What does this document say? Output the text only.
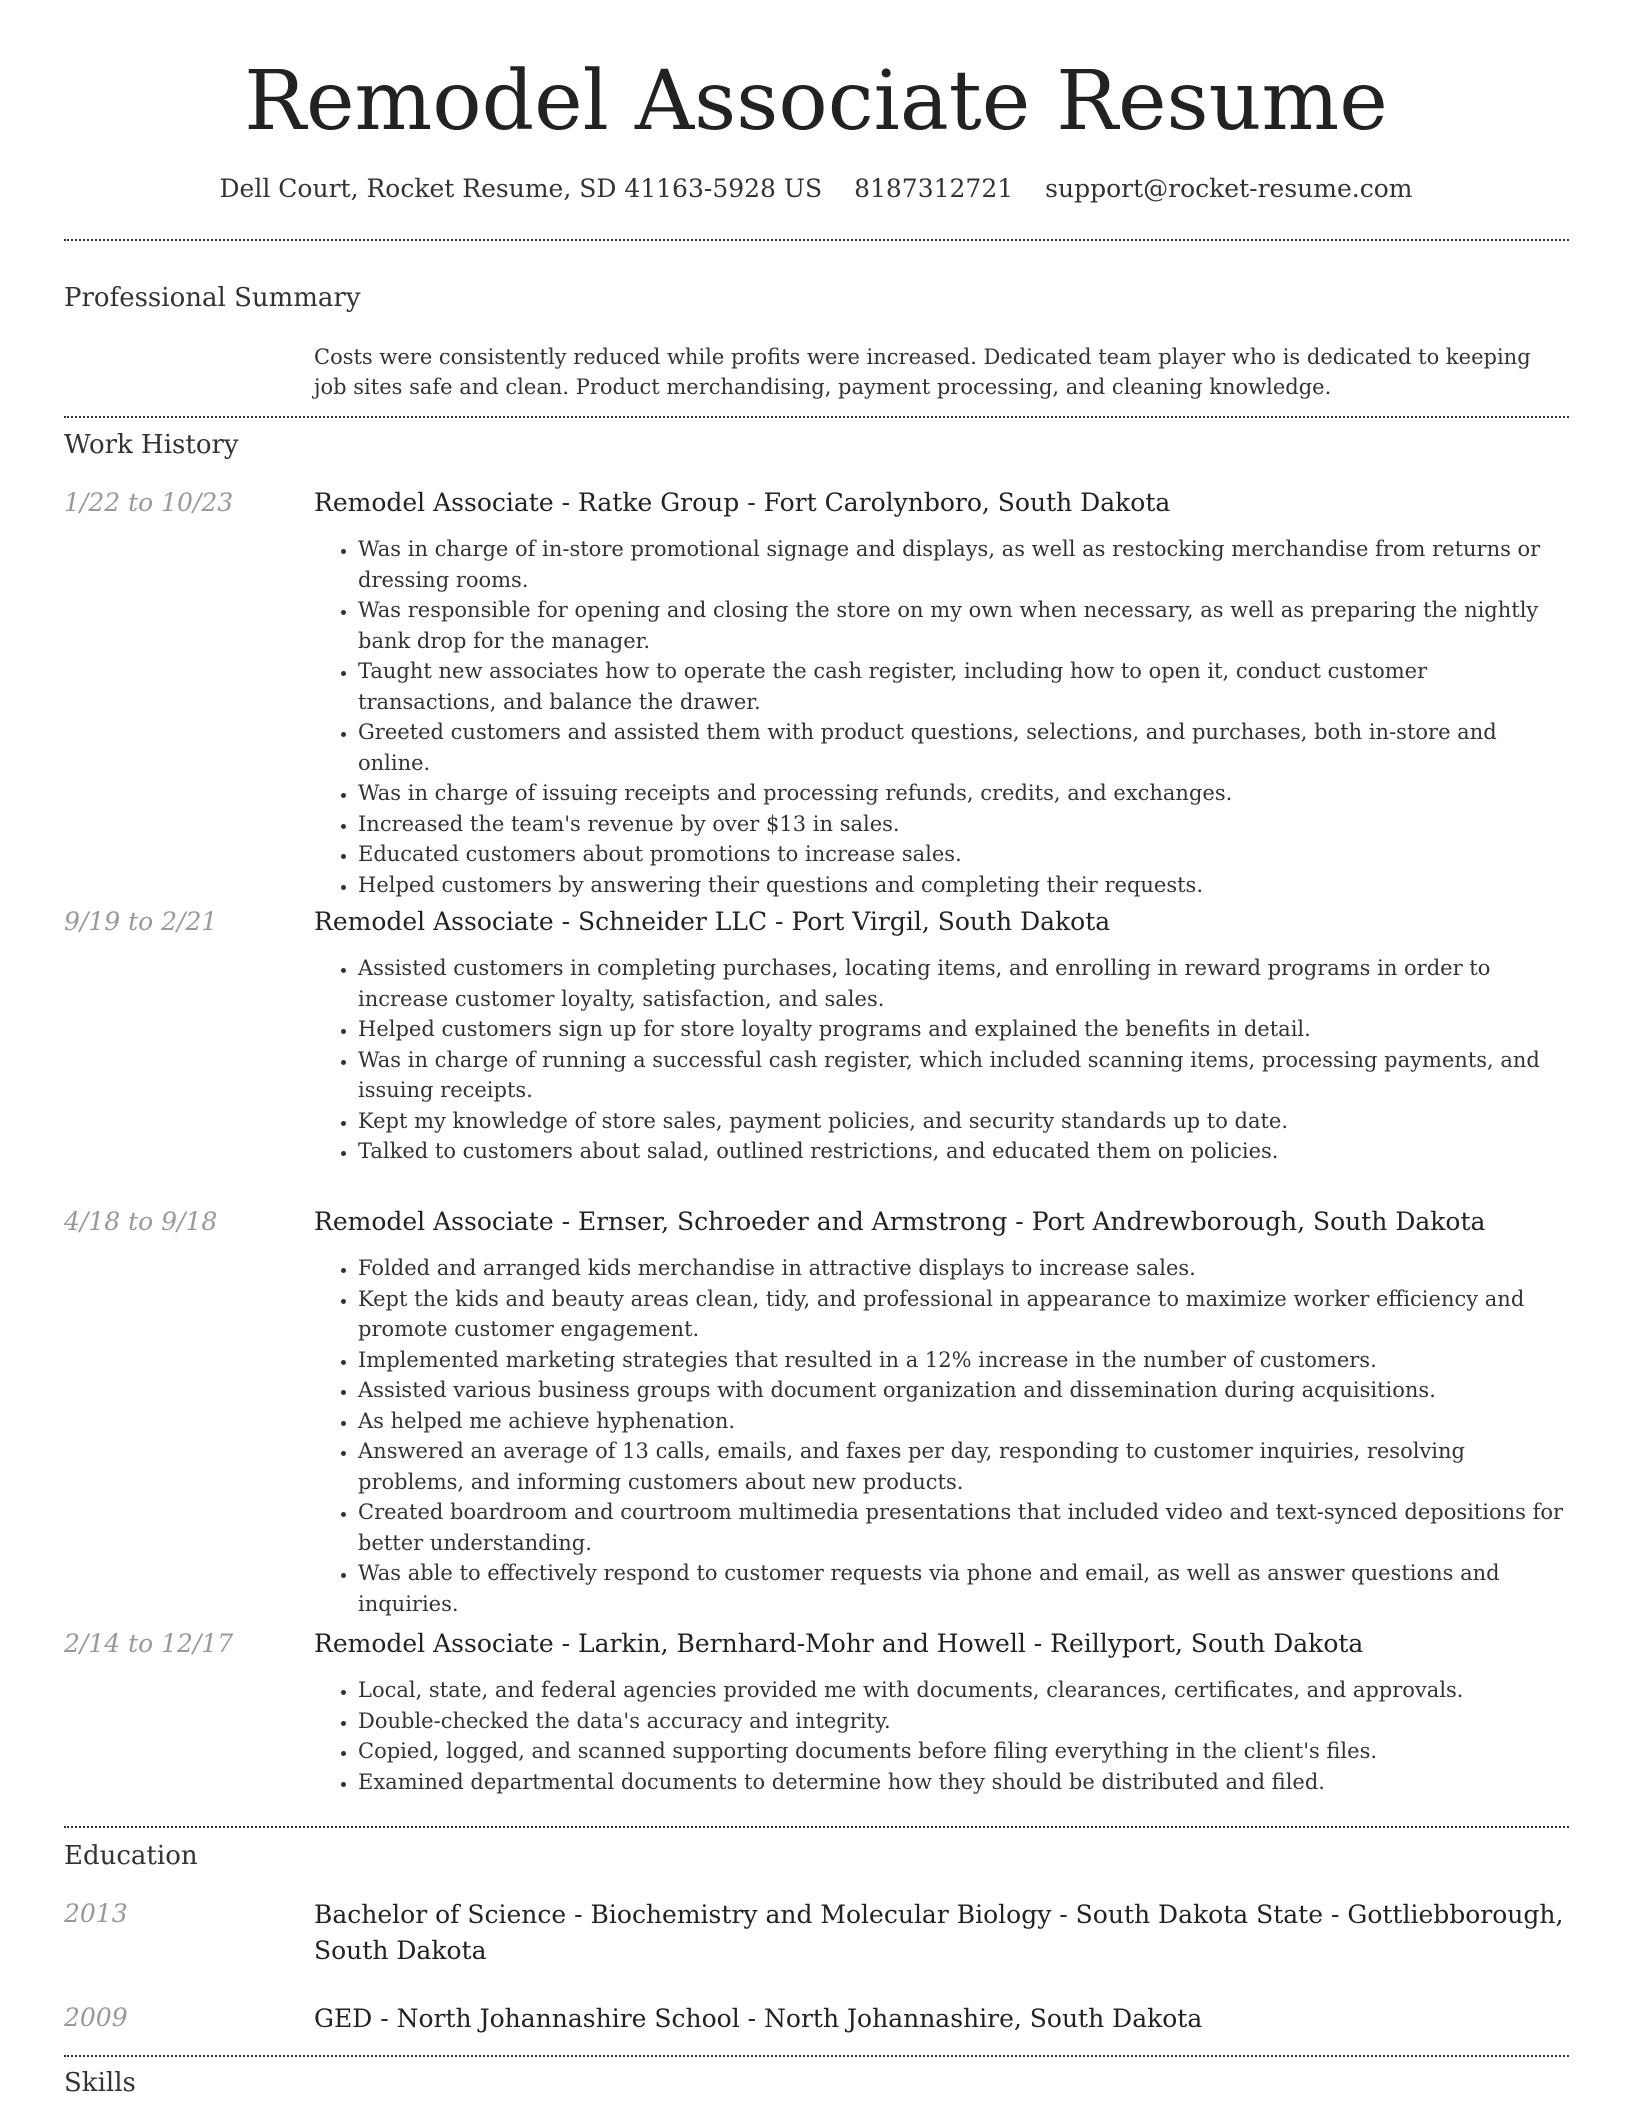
Remodel Associate Resume
Dell Court, Rocket Resume, SD 41163-5928 US 8187312721 support@rocket-resume.com
Professional Summary
Costs were consistently reduced while profits were increased. Dedicated team player who is dedicated to keeping job sites safe and clean. Product merchandising, payment processing, and cleaning knowledge.
Work History
1/22 to 10/23	Remodel Associate - Ratke Group - Fort Carolynboro, South Dakota
• Was in charge of in-store promotional signage and displays, as well as restocking merchandise from returns or dressing rooms.
• Was responsible for opening and closing the store on my own when necessary, as well as preparing the nightly bank drop for the manager.
• Taught new associates how to operate the cash register, including how to open it, conduct customer transactions, and balance the drawer.
• Greeted customers and assisted them with product questions, selections, and purchases, both in-store and online.
• Was in charge of issuing receipts and processing refunds, credits, and exchanges.
• Increased the team's revenue by over $13 in sales.
• Educated customers about promotions to increase sales.
• Helped customers by answering their questions and completing their requests.
9/19 to 2/21	Remodel Associate - Schneider LLC - Port Virgil, South Dakota
• Assisted customers in completing purchases, locating items, and enrolling in reward programs in order to increase customer loyalty, satisfaction, and sales.
• Helped customers sign up for store loyalty programs and explained the benefits in detail.
• Was in charge of running a successful cash register, which included scanning items, processing payments, and issuing receipts.
• Kept my knowledge of store sales, payment policies, and security standards up to date.
• Talked to customers about salad, outlined restrictions, and educated them on policies.
4/18 to 9/18	Remodel Associate - Ernser, Schroeder and Armstrong - Port Andrewborough, South Dakota
• Folded and arranged kids merchandise in attractive displays to increase sales.
• Kept the kids and beauty areas clean, tidy, and professional in appearance to maximize worker efficiency and promote customer engagement.
• Implemented marketing strategies that resulted in a 12% increase in the number of customers.
• Assisted various business groups with document organization and dissemination during acquisitions.
• As helped me achieve hyphenation.
• Answered an average of 13 calls, emails, and faxes per day, responding to customer inquiries, resolving problems, and informing customers about new products.
• Created boardroom and courtroom multimedia presentations that included video and text-synced depositions for better understanding.
• Was able to effectively respond to customer requests via phone and email, as well as answer questions and inquiries.
2/14 to 12/17	Remodel Associate - Larkin, Bernhard-Mohr and Howell - Reillyport, South Dakota
• Local, state, and federal agencies provided me with documents, clearances, certificates, and approvals.
• Double-checked the data's accuracy and integrity.
• Copied, logged, and scanned supporting documents before filing everything in the client's files.
• Examined departmental documents to determine how they should be distributed and filed.
Education
2013	Bachelor of Science - Biochemistry and Molecular Biology - South Dakota State - Gottliebborough, South Dakota
2009	GED - North Johannashire School - North Johannashire, South Dakota
Skills
